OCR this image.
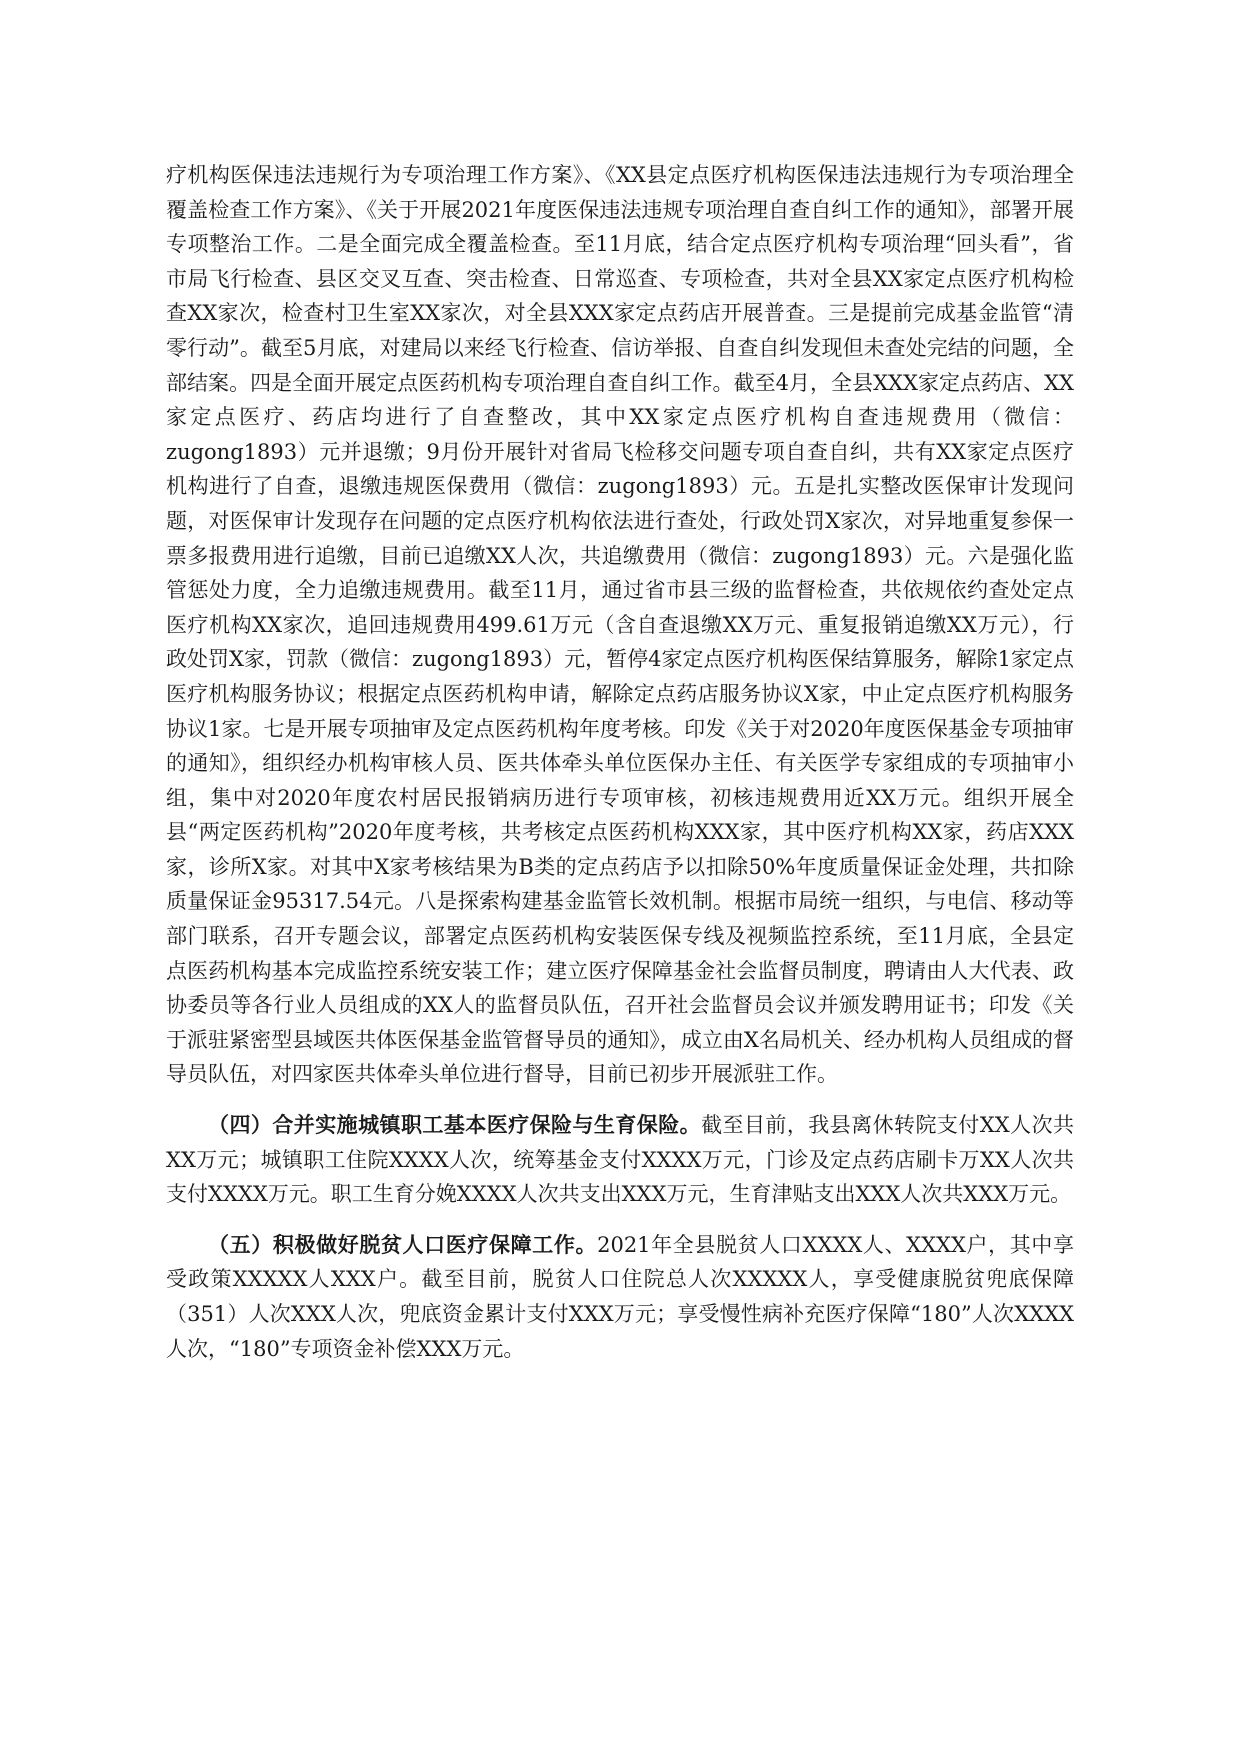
疗机构医保违法违规行为专项治理工作方案》、《XX县定点医疗机构医保违法违规行为专项治理全覆盖检查工作方案》、《关于开展2021年度医保违法违规专项治理自查自纠工作的通知》，部署开展专项整治工作。二是全面完成全覆盖检查。至11月底，结合定点医疗机构专项治理“回头看”，省市局飞行检查、县区交叉互查、突击检查、日常巡查、专项检查，共对全县XX家定点医疗机构检查XX家次，检查村卫生室XX家次，对全县XXX家定点药店开展普查。三是提前完成基金监管“清零行动”。截至5月底，对建局以来经飞行检查、信访举报、自查自纠发现但未查处完结的问题，全部结案。四是全面开展定点医药机构专项治理自查自纠工作。截至4月，全县XXX家定点药店、XX家定点医疗、药店均进行了自查整改，其中XX家定点医疗机构自查违规费用（微信：zugong1893）元并退缴；9月份开展针对省局飞检移交问题专项自查自纠，共有XX家定点医疗机构进行了自查，退缴违规医保费用（微信：zugong1893）元。五是扎实整改医保审计发现问题，对医保审计发现存在问题的定点医疗机构依法进行查处，行政处罚X家次，对异地重复参保一票多报费用进行追缴，目前已追缴XX人次，共追缴费用（微信：zugong1893）元。六是强化监管惩处力度，全力追缴违规费用。截至11月，通过省市县三级的监督检查，共依规依约查处定点医疗机构XX家次，追回违规费用499.61万元（含自查退缴XX万元、重复报销追缴XX万元），行政处罚X家，罚款（微信：zugong1893）元，暂停4家定点医疗机构医保结算服务，解除1家定点医疗机构服务协议；根据定点医药机构申请，解除定点药店服务协议X家，中止定点医疗机构服务协议1家。七是开展专项抽审及定点医药机构年度考核。印发《关于对2020年度医保基金专项抽审的通知》，组织经办机构审核人员、医共体牵头单位医保办主任、有关医学专家组成的专项抽审小组，集中对2020年度农村居民报销病历进行专项审核，初核违规费用近XX万元。组织开展全县“两定医药机构”2020年度考核，共考核定点医药机构XXX家，其中医疗机构XX家，药店XXX家，诊所X家。对其中X家考核结果为B类的定点药店予以扣除50%年度质量保证金处理，共扣除质量保证金95317.54元。八是探索构建基金监管长效机制。根据市局统一组织，与电信、移动等部门联系，召开专题会议，部署定点医药机构安装医保专线及视频监控系统，至11月底，全县定点医药机构基本完成监控系统安装工作；建立医疗保障基金社会监督员制度，聘请由人大代表、政协委员等各行业人员组成的XX人的监督员队伍，召开社会监督员会议并颁发聘用证书；印发《关于派驻紧密型县域医共体医保基金监管督导员的通知》，成立由X名局机关、经办机构人员组成的督导员队伍，对四家医共体牵头单位进行督导，目前已初步开展派驻工作。

（四）合并实施城镇职工基本医疗保险与生育保险。截至目前，我县离休转院支付XX人次共XX万元；城镇职工住院XXXX人次，统筹基金支付XXXX万元，门诊及定点药店刷卡万XX人次共支付XXXX万元。职工生育分娩XXXX人次共支出XXX万元，生育津贴支出XXX人次共XXX万元。

（五）积极做好脱贫人口医疗保障工作。2021年全县脱贫人口XXXX人、XXXX户，其中享受政策XXXXX人XXX户。截至目前，脱贫人口住院总人次XXXXX人，享受健康脱贫兜底保障（351）人次XXX人次，兜底资金累计支付XXX万元；享受慢性病补充医疗保障“180”人次XXXX人次，“180”专项资金补偿XXX万元。
